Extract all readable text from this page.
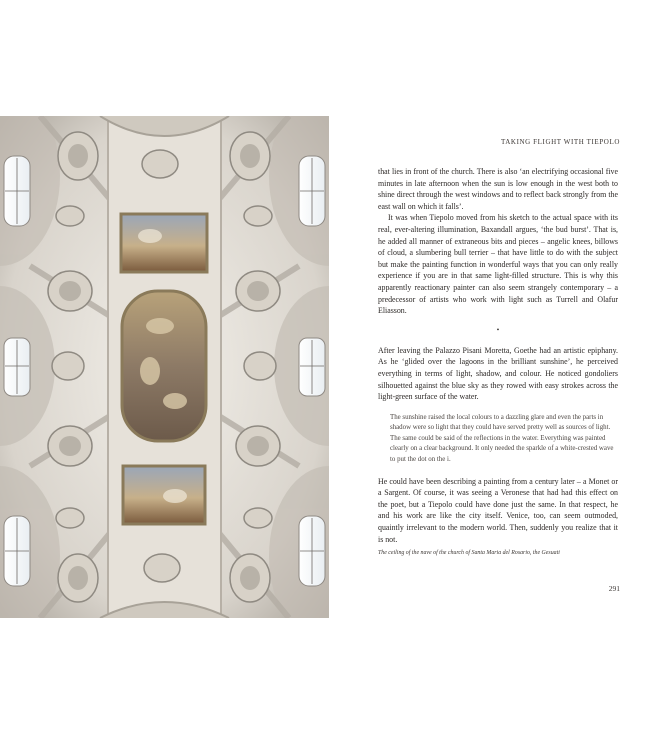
TAKING FLIGHT WITH TIEPOLO

that lies in front of the church. There is also ‘an electrifying occasional five minutes in late afternoon when the sun is low enough in the west both to shine direct through the west windows and to reflect back strongly from the east wall on which it falls’.

It was when Tiepolo moved from his sketch to the actual space with its real, ever-altering illumination, Baxandall argues, ‘the bud burst’. That is, he added all manner of extraneous bits and pieces – angelic knees, billows of cloud, a slumbering bull terrier – that have little to do with the subject but make the painting function in wonderful ways that you can only really experience if you are in that same light-filled structure. This is why this apparently reactionary painter can also seem strangely contemporary – a predecessor of artists who work with light such as Turrell and Olafur Eliasson.

•

After leaving the Palazzo Pisani Moretta, Goethe had an artistic epiphany. As he ‘glided over the lagoons in the brilliant sunshine’, he perceived everything in terms of light, shadow, and colour. He noticed gondoliers silhouetted against the blue sky as they rowed with easy strokes across the light-green surface of the water.

The sunshine raised the local colours to a dazzling glare and even the parts in shadow were so light that they could have served pretty well as sources of light. The same could be said of the reflections in the water. Everything was painted clearly on a clear background. It only needed the sparkle of a white-crested wave to put the dot on the i.

He could have been describing a painting from a century later – a Monet or a Sargent. Of course, it was seeing a Veronese that had had this effect on the poet, but a Tiepolo could have done just the same. In that respect, he and his work are like the city itself. Venice, too, can seem outmoded, quaintly irrelevant to the modern world. Then, suddenly you realize that it is not.

The ceiling of the nave of the church of Santa Maria del Rosario, the Gesuati
291
